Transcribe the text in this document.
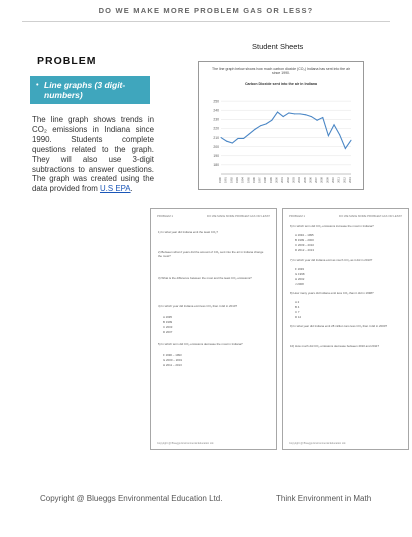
DO WE MAKE MORE PROBLEM GAS OR LESS?
PROBLEM
• Line graphs (3 digit-numbers)
The line graph shows trends in CO₂ emissions in Indiana since 1990. Students complete questions related to the graph. They will also use 3-digit subtractions to answer questions. The graph was created using the data provided from U.S EPA.
Student Sheets
The line graph below shows how much carbon dioxide (CO₂) Indiana has sent into the air since 1990.
Carbon Dioxide sent into the air in Indiana
180
190
200
210
220
230
240
250
1990	1991	1992	1993	1994	1995	1996	1997	1998	1999	2000	2001	2002	2003	2004	2005	2006	2007	2008	2009	2010	2011	2012	2013
PROBLEM 1	DO WE MAKE MORE PROBLEM GAS OR LESS?
1) In what year did Indiana emit the least CO₂?
2) Between what 2 years did the amount of CO₂ sent into the air in Indiana change the most?
3) What is the difference between the most and the least CO₂ emissions?
4) In which year did Indiana emit less CO₂ than it did in 2010?
A 1995
B 1999
C 2003
D 2007
5) In which term did CO₂ emissions decrease the most in Indiana?
F 1990 – 1993
G 2000 – 2001
H 2011 – 2013
Copyright @ Blueggs Environmental Education Ltd.
PROBLEM 1	DO WE MAKE MORE PROBLEM GAS OR LESS?
6) In which term did CO₂ emissions increase the most in Indiana?
A 1994 – 1995
B 1999 – 2000
C 2009 – 2010
D 2012 – 2013
7) In which year did Indiana emit as much CO₂ as it did in 2013?
F 1993
G 1998
H 2002
J 2008
8) How many years did Indiana emit less CO₂ than it did in 1998?
A 2
B 4
C 7
D 12
9) In what year did Indiana emit 28 million tons less CO₂ than it did in 2000?
10) How much did CO₂ emissions decrease between 2010 and 2011?
Copyright @ Blueggs Environmental Education Ltd.
Copyright @ Blueggs Environmental Education Ltd.	Think Environment in Math
